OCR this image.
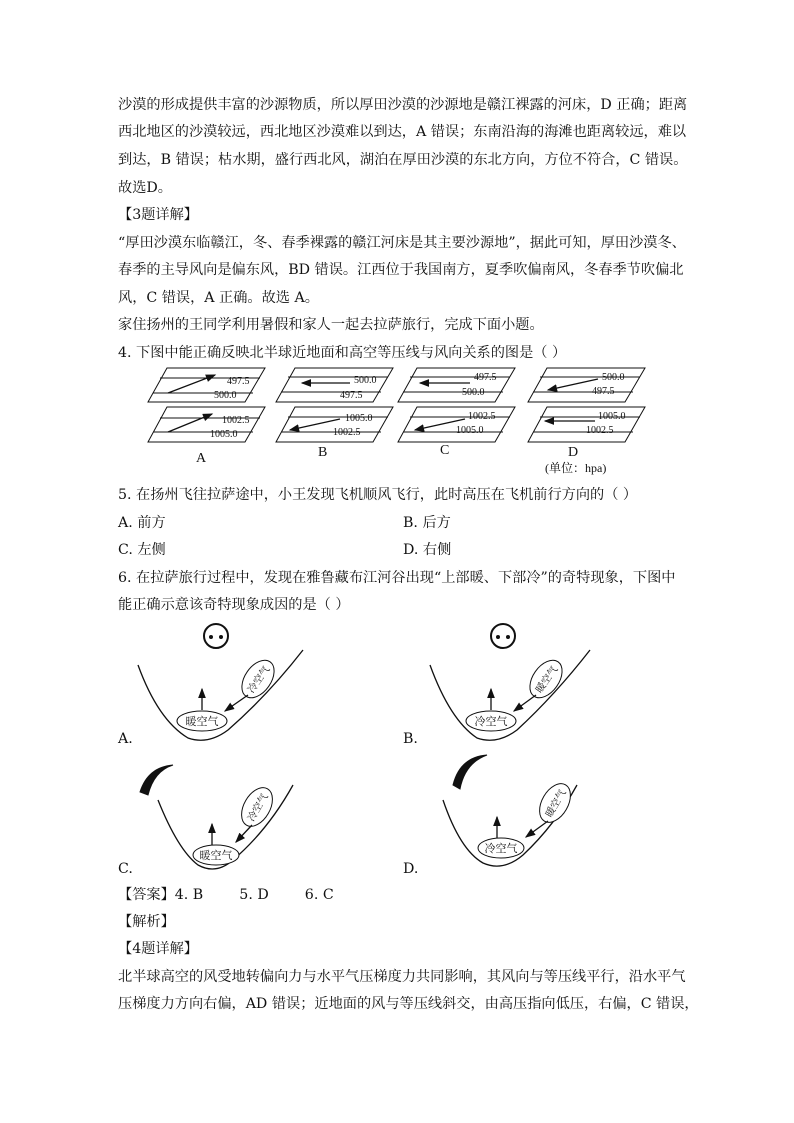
沙漠的形成提供丰富的沙源物质，所以厚田沙漠的沙源地是赣江裸露的河床，D 正确；距离
西北地区的沙漠较远，西北地区沙漠难以到达，A 错误；东南沿海的海滩也距离较远，难以
到达，B 错误；枯水期，盛行西北风，湖泊在厚田沙漠的东北方向，方位不符合，C 错误。
故选D。
【3题详解】
“厚田沙漠东临赣江，冬、春季裸露的赣江河床是其主要沙源地”，据此可知，厚田沙漠冬、
春季的主导风向是偏东风，BD 错误。江西位于我国南方，夏季吹偏南风，冬春季节吹偏北
风，C 错误，A 正确。故选 A。
家住扬州的王同学利用暑假和家人一起去拉萨旅行，完成下面小题。
4. 下图中能正确反映北半球近地面和高空等压线与风向关系的图是（ ）
497.5
500.0
1002.5
1005.0
A
500.0
497.5
1005.0
1002.5
B
497.5
500.0
1002.5
1005.0
C
500.0
497.5
1005.0
1002.5
D
(单位：hpa)
5. 在扬州飞往拉萨途中，小王发现飞机顺风飞行，此时高压在飞机前行方向的（ ）
A. 前方	B. 后方
C. 左侧	D. 右侧
6. 在拉萨旅行过程中，发现在雅鲁藏布江河谷出现“上部暖、下部冷”的奇特现象，下图中
能正确示意该奇特现象成因的是（ ）
暖空气
冷空气
A.
冷空气
暖空气
B.
暖空气
冷空气
C.
冷空气
暖空气
D.
【答案】4. B        5. D        6. C
【解析】
【4题详解】
北半球高空的风受地转偏向力与水平气压梯度力共同影响，其风向与等压线平行，沿水平气
压梯度力方向右偏，AD 错误；近地面的风与等压线斜交，由高压指向低压，右偏，C 错误，
